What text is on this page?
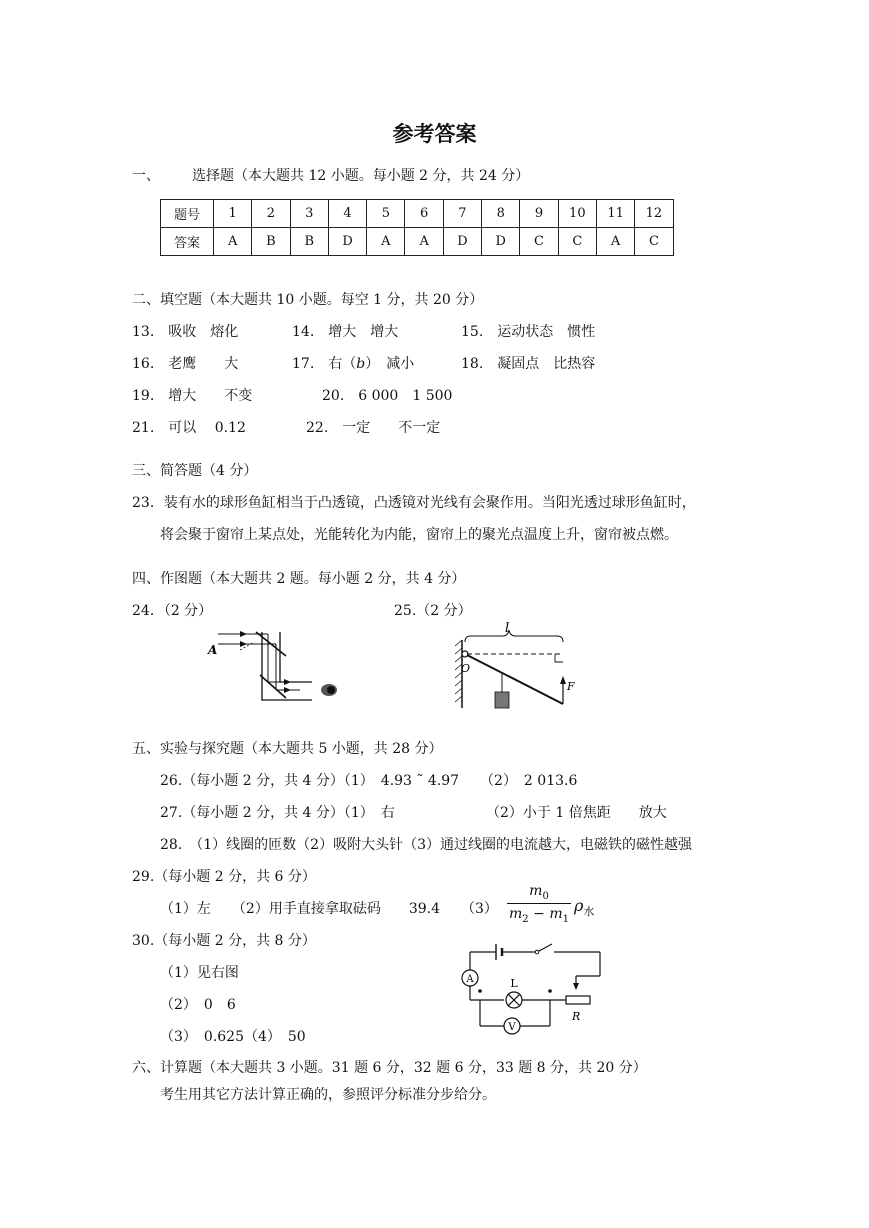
参考答案
一、 选择题（本大题共 12 小题。每小题 2 分，共 24 分）
题号	1	2	3	4	5	6	7	8	9	10	11	12
答案	A	B	B	D	A	A	D	D	C	C	A	C
二、填空题（本大题共 10 小题。每空 1 分，共 20 分）
13.　吸收　熔化	14.　增大　增大	15.　运动状态　惯性
16.　老鹰　　大	17.　右（b）　减小	18.　凝固点　比热容
19.　增大　　不变	20.　6 000　1 500
21.　可以　 0.12	22.　一定　　不一定
三、简答题（4 分）
23．装有水的球形鱼缸相当于凸透镜，凸透镜对光线有会聚作用。当阳光透过球形鱼缸时，
将会聚于窗帘上某点处，光能转化为内能，窗帘上的聚光点温度上升，窗帘被点燃。
四、作图题（本大题共 2 题。每小题 2 分，共 4 分）
24．（2 分）	25.（2 分）
A
l
O
F
五、实验与探究题（本大题共 5 小题，共 28 分）
26.（每小题 2 分，共 4 分）（1）　4.93 ˜ 4.97　　（2）　2 013.6
27.（每小题 2 分，共 4 分）（1）　右	（2）小于 1 倍焦距　　放大
28.　（1）线圈的匝数（2）吸附大头针（3）通过线圈的电流越大，电磁铁的磁性越强
29.（每小题 2 分，共 6 分）
（1）左　　（2）用手直接拿取砝码　　39.4　　（3）
$m_0$
$m_2 - m_1$
$\rho_水$
30.（每小题 2 分，共 8 分）
（1）见右图
（2）　0　6
（3）　0.625（4）　50
A	L
R
V
六、计算题（本大题共 3 小题。31 题 6 分，32 题 6 分，33 题 8 分，共 20 分）
考生用其它方法计算正确的，参照评分标准分步给分。
